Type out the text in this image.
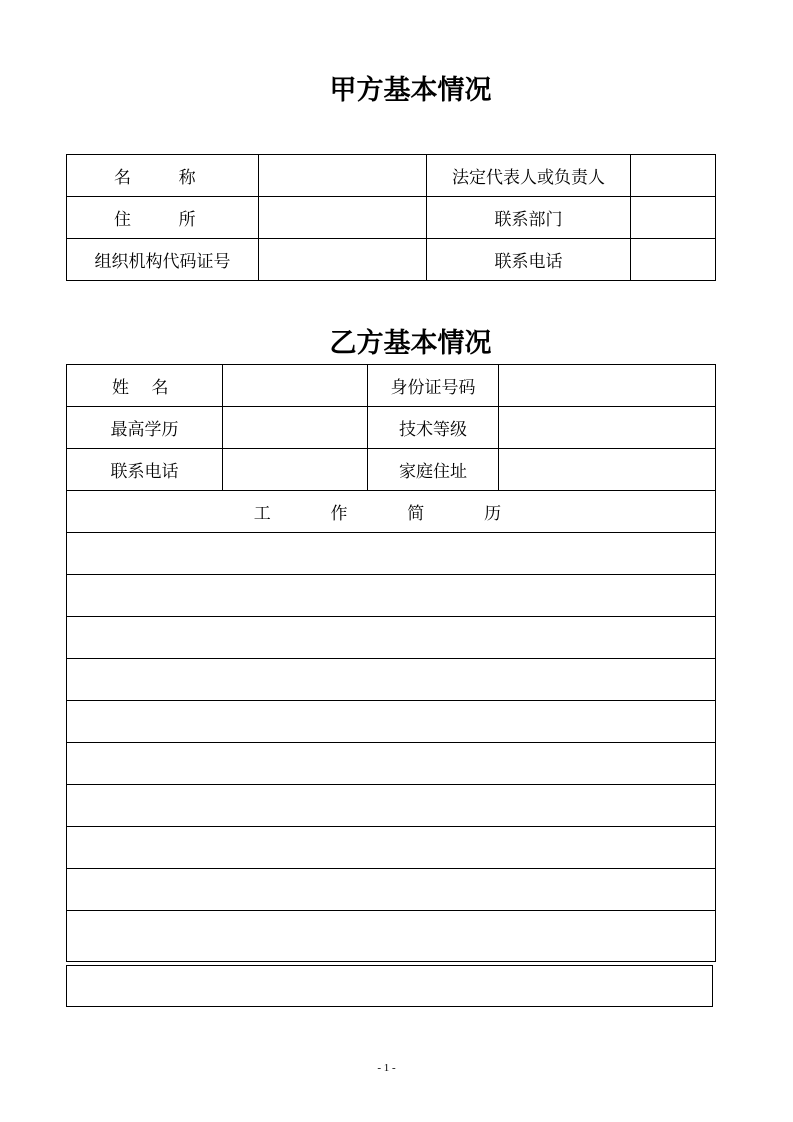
甲方基本情况
名　称		法定代表人或负责人	
住　所		联系部门	
组织机构代码证号		联系电话	
乙方基本情况
姓 名		身份证号码	
最高学历		技术等级	
联系电话		家庭住址	
工 作 简 历			

- 1 -
